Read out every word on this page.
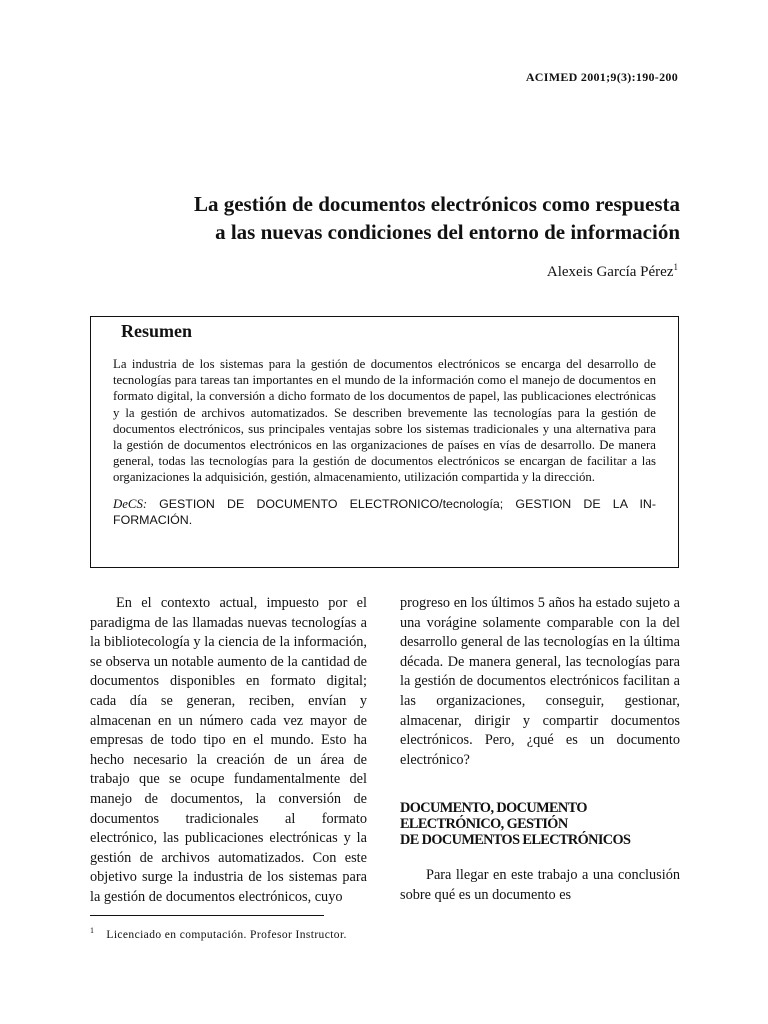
ACIMED 2001;9(3):190-200
La gestión de documentos electrónicos como respuesta
a las nuevas condiciones del entorno de información
Alexeis García Pérez$^1$
Resumen

La industria de los sistemas para la gestión de documentos electrónicos se encarga del desarrollo de tecnologías para tareas tan importantes en el mundo de la información como el manejo de documentos en formato digital, la conversión a dicho formato de los documentos de papel, las publicaciones electrónicas y la gestión de archivos automatizados. Se describen brevemente las tecnologías para la gestión de documentos electrónicos, sus principales ventajas sobre los sistemas tradicionales y una alternativa para la gestión de documentos electrónicos en las organizaciones de países en vías de desarrollo. De manera general, todas las tecnologías para la gestión de documentos electrónicos se encargan de facilitar a las organizaciones la adquisición, gestión, almacenamiento, utilización compartida y la dirección.

DeCS: GESTION DE DOCUMENTO ELECTRONICO/tecnología; GESTION DE LA INFORMACIÓN.

En el contexto actual, impuesto por el paradigma de las llamadas nuevas tecnologías a la bibliotecología y la ciencia de la información, se observa un notable aumento de la cantidad de documentos disponibles en formato digital; cada día se generan, reciben, envían y almacenan en un número cada vez mayor de empresas de todo tipo en el mundo. Esto ha hecho necesario la creación de un área de trabajo que se ocupe fundamentalmente del manejo de documentos, la conversión de documentos tradicionales al formato electrónico, las publicaciones electrónicas y la gestión de archivos automatizados. Con este objetivo surge la industria de los sistemas para la gestión de documentos electrónicos, cuyo

progreso en los últimos 5 años ha estado sujeto a una vorágine solamente comparable con la del desarrollo general de las tecnologías en la última década. De manera general, las tecnologías para la gestión de documentos electrónicos facilitan a las organizaciones, conseguir, gestionar, almacenar, dirigir y compartir documentos electrónicos. Pero, ¿qué es un documento electrónico?

DOCUMENTO, DOCUMENTO
ELECTRÓNICO, GESTIÓN
DE DOCUMENTOS ELECTRÓNICOS

Para llegar en este trabajo a una conclusión sobre qué es un documento es

$^1$ Licenciado en computación. Profesor Instructor.
